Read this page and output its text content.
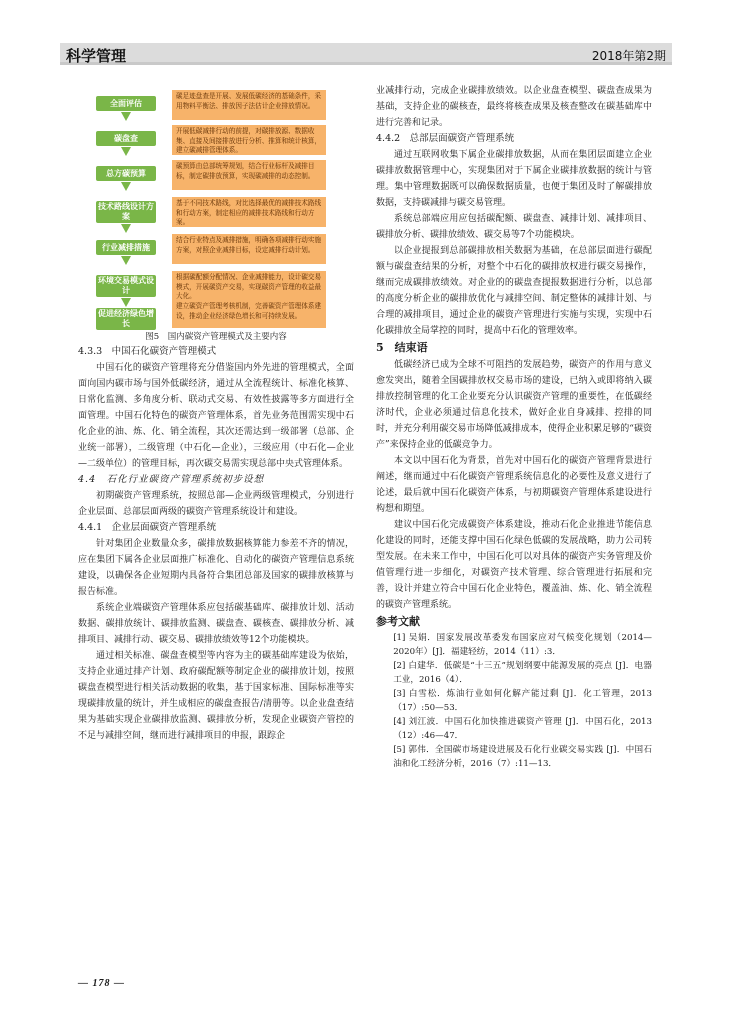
科学管理	2018年第2期
全面评估
碳足迹盘查是开展、发展低碳经济的基础条件，采用物料平衡法、排放因子法估计企业排放情况。
碳盘查
开展低碳减排行动的前提，对碳排放源、数据收集、直接及间接排放进行分析、推算和统计核算，建立碳减排管理体系。
总方碳预算
碳预算由总部统筹规划，结合行业标杆及减排目标，制定碳排放预算，实现碳减排的动态控制。
技术路线设计方案
基于不同技术路线，对比选择最优的减排技术路线和行动方案，制定相应的减排技术路线和行动方案。
行业减排措施
结合行业特点及减排措施，明确各项减排行动实施方案，对照企业减排目标，设定减排行动计划。
环境交易模式设计
根据碳配额分配情况、企业减排能力，设计碳交易模式，开展碳资产交易，实现碳资产管理的收益最大化。
促进经济绿色增长
建立碳资产管理考核机制，完善碳资产管理体系建设，推动企业经济绿色增长和可持续发展。
图5　国内碳资产管理模式及主要内容
4.3.3　中国石化碳资产管理模式

中国石化的碳资产管理将充分借鉴国内外先进的管理模式，全面面向国内碳市场与国外低碳经济，通过从全流程统计、标准化核算、日常化监测、多角度分析、联动式交易、有效性披露等多方面进行全面管理。中国石化特色的碳资产管理体系，首先业务范围需实现中石化企业的油、炼、化、销全流程，其次还需达到一级部署（总部、企业统一部署），二级管理（中石化—企业），三级应用（中石化—企业—二级单位）的管理目标，再次碳交易需实现总部中央式管理体系。

4.4　石化行业碳资产管理系统初步设想

初期碳资产管理系统，按照总部—企业两级管理模式，分别进行企业层面、总部层面两级的碳资产管理系统设计和建设。

4.4.1　企业层面碳资产管理系统

针对集团企业数量众多，碳排放数据核算能力参差不齐的情况，应在集团下属各企业层面推广标准化、自动化的碳资产管理信息系统建设，以确保各企业短期内具备符合集团总部及国家的碳排放核算与报告标准。

系统企业端碳资产管理体系应包括碳基础库、碳排放计划、活动数据、碳排放统计、碳排放监测、碳盘查、碳核查、碳排放分析、减排项目、减排行动、碳交易、碳排放绩效等12个功能模块。

通过相关标准、碳盘查模型等内容为主的碳基础库建设为依始，支持企业通过排产计划、政府碳配额等制定企业的碳排放计划，按照碳盘查模型进行相关活动数据的收集，基于国家标准、国际标准等实现碳排放量的统计，并生成相应的碳盘查报告/清册等。以企业盘查结果为基础实现企业碳排放监测、碳排放分析，发现企业碳资产管控的不足与减排空间，继而进行减排项目的申报，跟踪企

业减排行动，完成企业碳排放绩效。以企业盘查模型、碳盘查成果为基础，支持企业的碳核查，最终将核查成果及核查整改在碳基础库中进行完善和记录。

4.4.2　总部层面碳资产管理系统

通过互联网收集下属企业碳排放数据，从而在集团层面建立企业碳排放数据管理中心，实现集团对于下属企业碳排放数据的统计与管理。集中管理数据既可以确保数据质量，也便于集团及时了解碳排放数据，支持碳减排与碳交易管理。

系统总部端应用应包括碳配额、碳盘查、减排计划、减排项目、碳排放分析、碳排放绩效、碳交易等7个功能模块。

以企业提报到总部碳排放相关数据为基础，在总部层面进行碳配额与碳盘查结果的分析，对整个中石化的碳排放权进行碳交易操作，继而完成碳排放绩效。对企业的的碳盘查提报数据进行分析，以总部的高度分析企业的碳排放优化与减排空间、制定整体的减排计划、与合理的减排项目，通过企业的碳资产管理进行实施与实现，实现中石化碳排放全局掌控的同时，提高中石化的管理效率。

5　结束语

低碳经济已成为全球不可阻挡的发展趋势，碳资产的作用与意义愈发突出，随着全国碳排放权交易市场的建设，已纳入或即将纳入碳排放控制管理的化工企业要充分认识碳资产管理的重要性，在低碳经济时代，企业必须通过信息化技术，做好企业自身减排、控排的同时，并充分利用碳交易市场降低减排成本，使得企业积累足够的“碳资产”来保持企业的低碳竞争力。

本文以中国石化为背景，首先对中国石化的碳资产管理背景进行阐述，继而通过中石化碳资产管理系统信息化的必要性及意义进行了论述，最后就中国石化碳资产体系，与初期碳资产管理体系建设进行构想和期望。

建议中国石化完成碳资产体系建设，推动石化企业推进节能信息化建设的同时，还能支撑中国石化绿色低碳的发展战略，助力公司转型发展。在未来工作中，中国石化可以对具体的碳资产实务管理及价值管理行进一步细化，对碳资产技术管理、综合管理进行拓展和完善，设计并建立符合中国石化企业特色，覆盖油、炼、化、销全流程的碳资产管理系统。

参考文献

[1] 吴娟．国家发展改革委发布国家应对气候变化规划（2014—2020年）[J]．福建轻纺，2014（11）:3．

[2] 白建华．低碳是“十三五”规划纲要中能源发展的亮点 [J]．电器工业，2016（4）．

[3] 白雪松．炼油行业如何化解产能过剩 [J]．化工管理，2013（17）:50—53．

[4] 刘江波．中国石化加快推进碳资产管理 [J]．中国石化，2013（12）:46—47．

[5] 郭伟．全国碳市场建设进展及石化行业碳交易实践 [J]．中国石油和化工经济分析，2016（7）:11—13．

— 178 —
